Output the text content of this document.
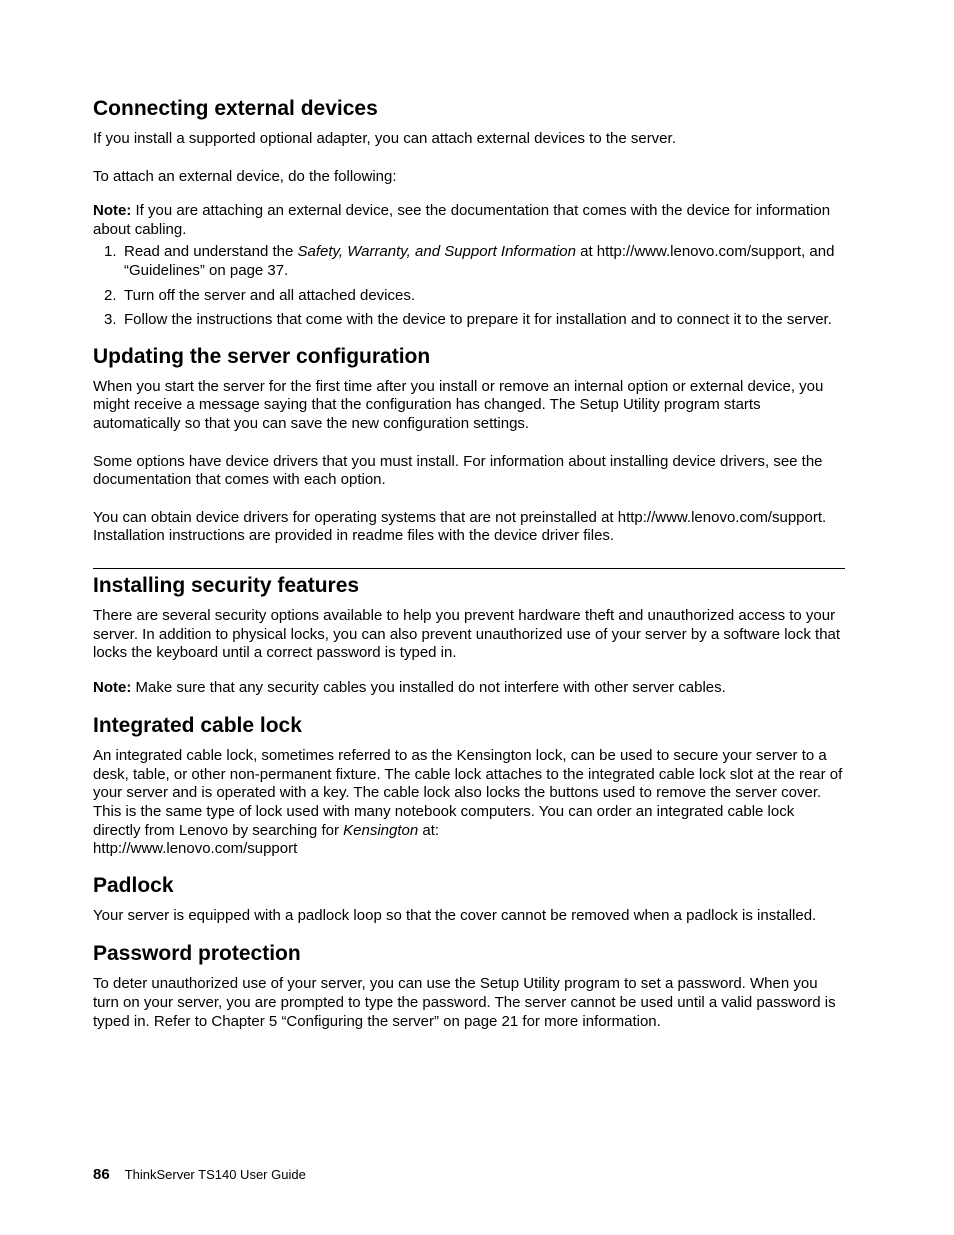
Connecting external devices

If you install a supported optional adapter, you can attach external devices to the server.

To attach an external device, do the following:

Note: If you are attaching an external device, see the documentation that comes with the device for information about cabling.

1. Read and understand the Safety, Warranty, and Support Information at http://www.lenovo.com/support, and “Guidelines” on page 37.
2. Turn off the server and all attached devices.
3. Follow the instructions that come with the device to prepare it for installation and to connect it to the server.
Updating the server configuration

When you start the server for the first time after you install or remove an internal option or external device, you might receive a message saying that the configuration has changed. The Setup Utility program starts automatically so that you can save the new configuration settings.

Some options have device drivers that you must install. For information about installing device drivers, see the documentation that comes with each option.

You can obtain device drivers for operating systems that are not preinstalled at http://www.lenovo.com/support. Installation instructions are provided in readme files with the device driver files.

Installing security features

There are several security options available to help you prevent hardware theft and unauthorized access to your server. In addition to physical locks, you can also prevent unauthorized use of your server by a software lock that locks the keyboard until a correct password is typed in.

Note: Make sure that any security cables you installed do not interfere with other server cables.

Integrated cable lock

An integrated cable lock, sometimes referred to as the Kensington lock, can be used to secure your server to a desk, table, or other non-permanent fixture. The cable lock attaches to the integrated cable lock slot at the rear of your server and is operated with a key. The cable lock also locks the buttons used to remove the server cover. This is the same type of lock used with many notebook computers. You can order an integrated cable lock directly from Lenovo by searching for Kensington at:

http://www.lenovo.com/support

Padlock

Your server is equipped with a padlock loop so that the cover cannot be removed when a padlock is installed.

Password protection

To deter unauthorized use of your server, you can use the Setup Utility program to set a password. When you turn on your server, you are prompted to type the password. The server cannot be used until a valid password is typed in. Refer to Chapter 5 “Configuring the server” on page 21 for more information.

86 ThinkServer TS140 User Guide
